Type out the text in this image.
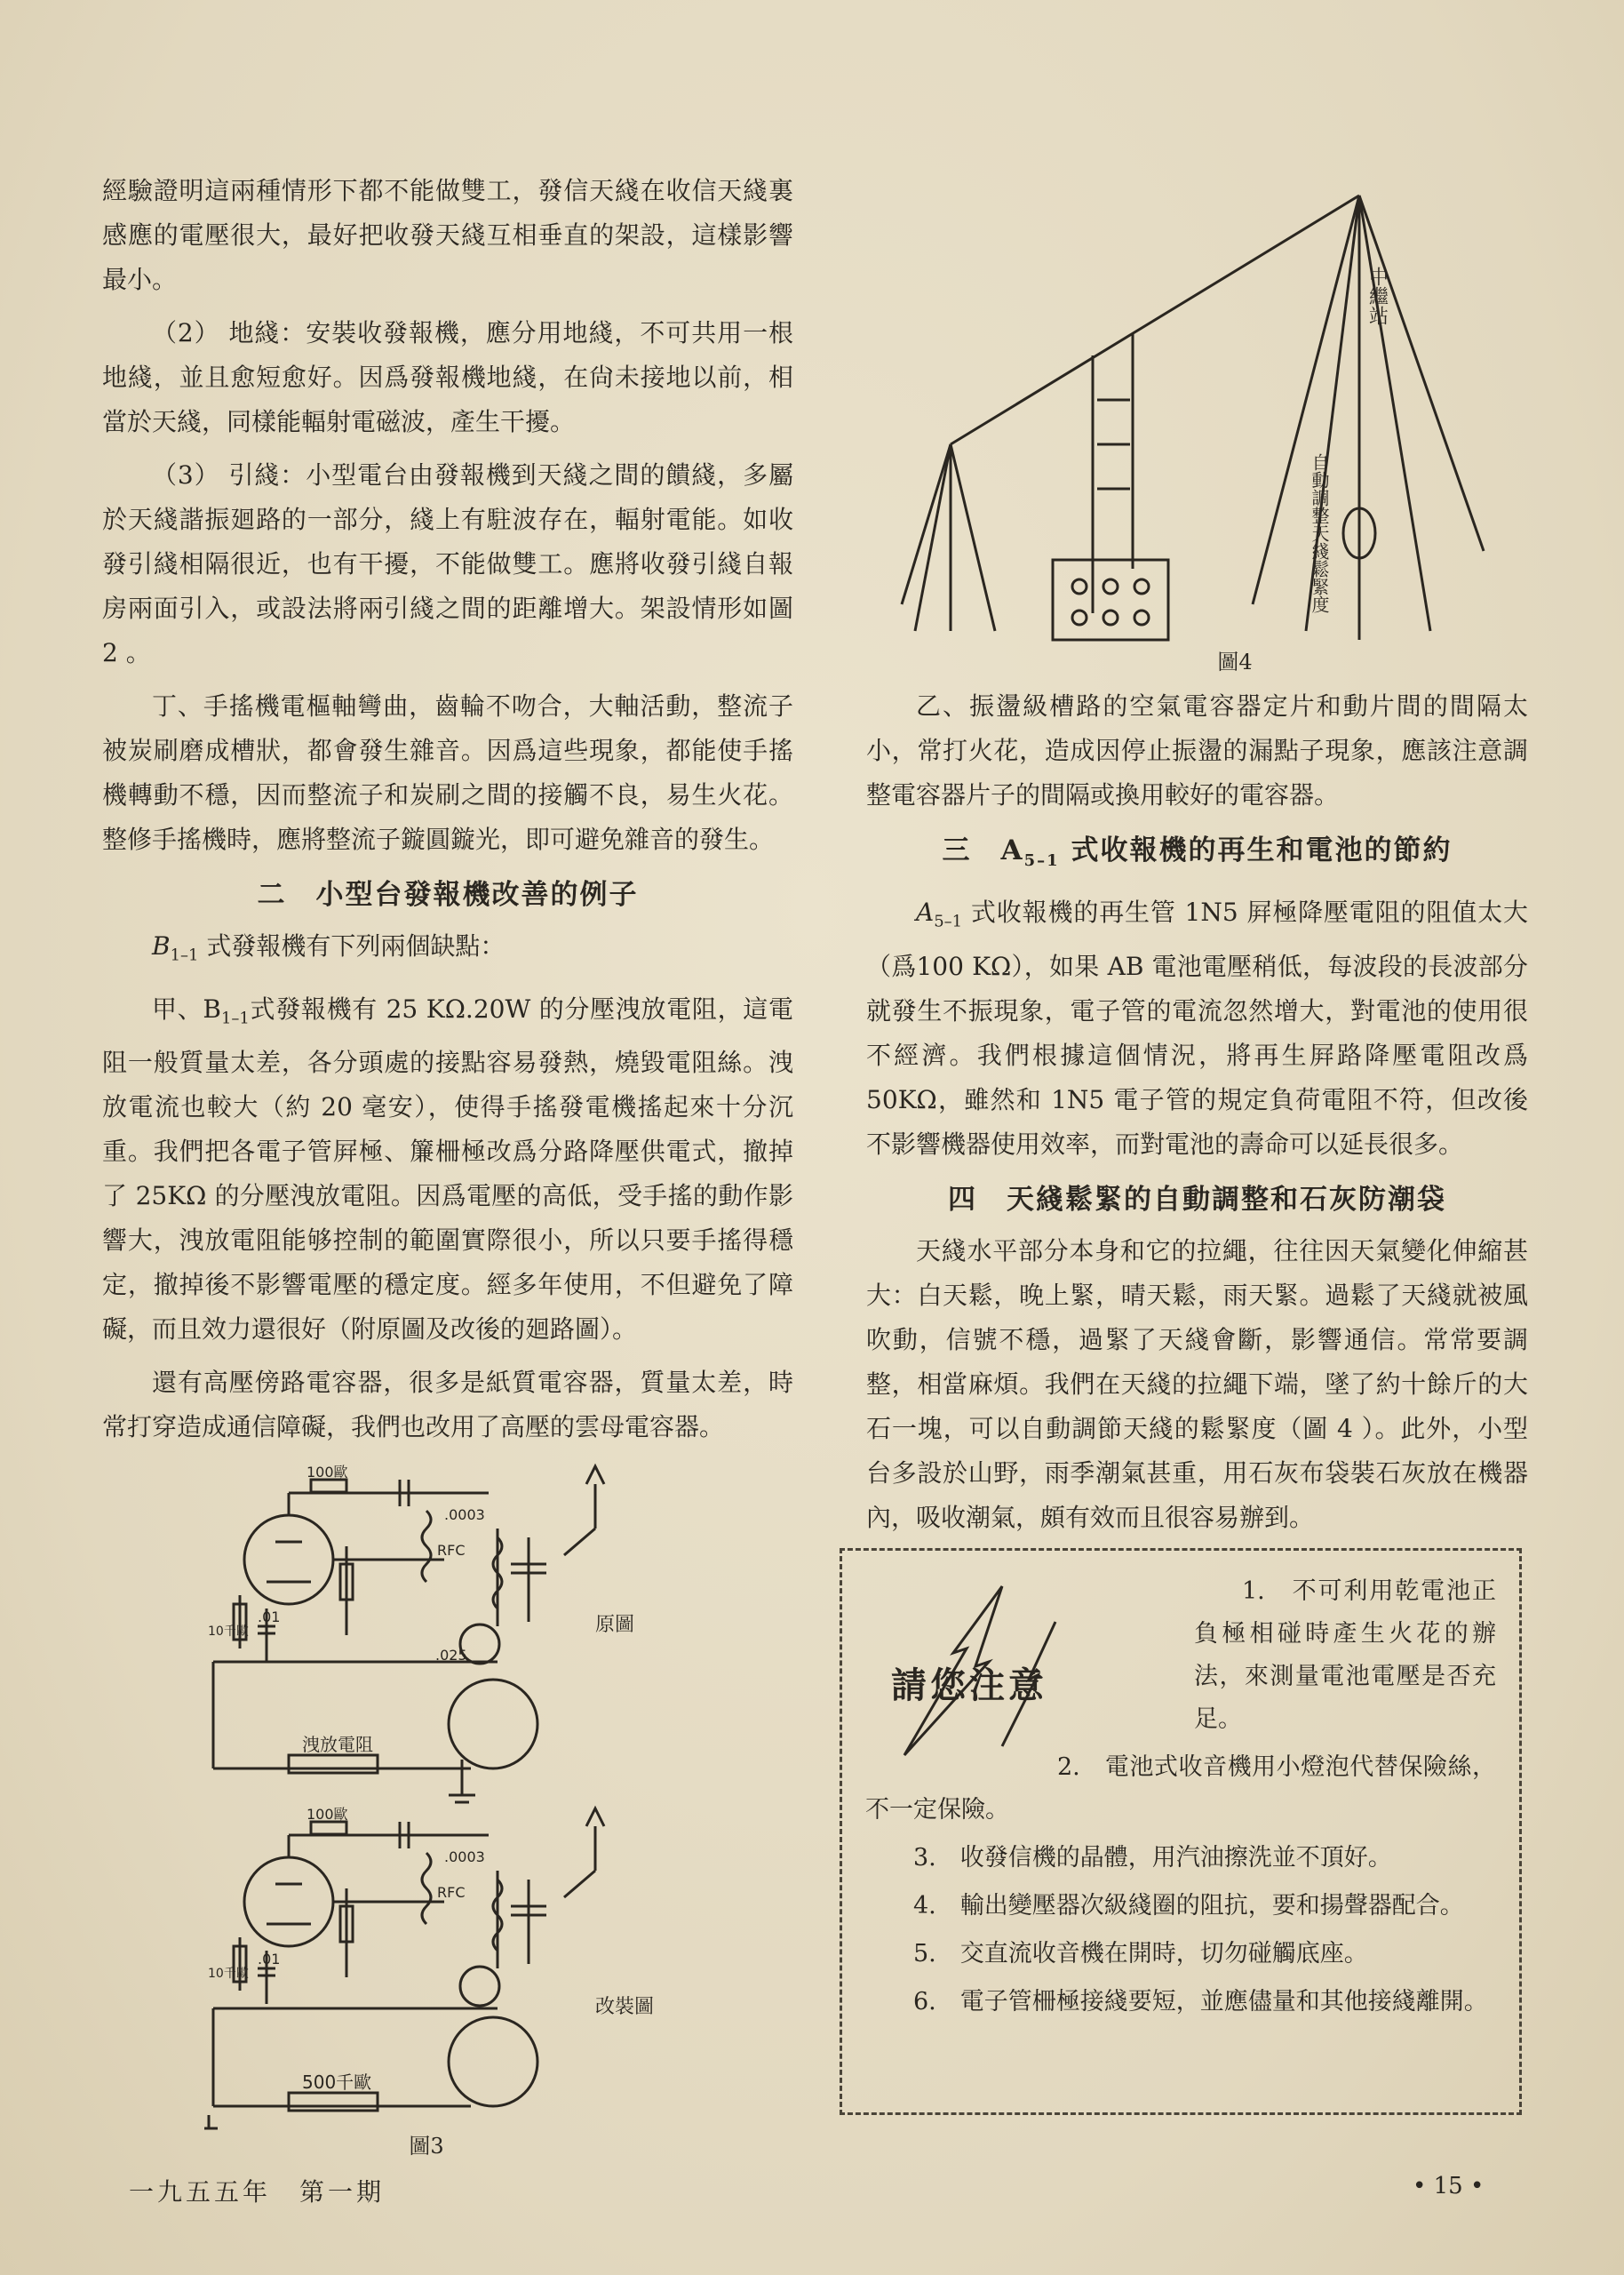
經驗證明這兩種情形下都不能做雙工，發信天綫在收信天綫裏感應的電壓很大，最好把收發天綫互相垂直的架設，這樣影響最小。

（2） 地綫：安裝收發報機，應分用地綫，不可共用一根地綫，並且愈短愈好。因爲發報機地綫，在尙未接地以前，相當於天綫，同樣能輻射電磁波，產生干擾。

（3） 引綫：小型電台由發報機到天綫之間的饋綫，多屬於天綫諧振廻路的一部分，綫上有駐波存在，輻射電能。如收發引綫相隔很近，也有干擾，不能做雙工。應將收發引綫自報房兩面引入，或設法將兩引綫之間的距離增大。架設情形如圖 2 。

丁、手搖機電樞軸彎曲，齒輪不吻合，大軸活動，整流子被炭刷磨成槽狀，都會發生雜音。因爲這些現象，都能使手搖機轉動不穩，因而整流子和炭刷之間的接觸不良，易生火花。整修手搖機時，應將整流子鏇圓鏇光，即可避免雜音的發生。

二　小型台發報機改善的例子

$B_{1-1}$ 式發報機有下列兩個缺點：

甲、$B_{1-1}$式發報機有 25 KΩ.20W 的分壓洩放電阻，這電阻一般質量太差，各分頭處的接點容易發熱，燒毀電阻絲。洩放電流也較大（約 20 毫安），使得手搖發電機搖起來十分沉重。我們把各電子管屛極、簾柵極改爲分路降壓供電式，撤掉了 25KΩ 的分壓洩放電阻。因爲電壓的高低，受手搖的動作影響大，洩放電阻能够控制的範圍實際很小，所以只要手搖得穩定，撤掉後不影響電壓的穩定度。經多年使用，不但避免了障礙，而且效力還很好（附原圖及改後的廻路圖）。

還有高壓傍路電容器，很多是紙質電容器，質量太差，時常打穿造成通信障礙，我們也改用了高壓的雲母電容器。

100歐
.0003
RFC
.01
.025
10千歐	原圖
洩放電阻
100歐
.0003
RFC
.01
10千歐
改裝圖
500千歐
圖3
中繼站
自動調整天綫鬆緊度
圖4

乙、振盪級槽路的空氣電容器定片和動片間的間隔太小，常打火花，造成因停止振盪的漏點子現象，應該注意調整電容器片子的間隔或換用較好的電容器。

三　$A_{5-1}$ 式收報機的再生和電池的節約

$A_{5-1}$ 式收報機的再生管 1N5 屛極降壓電阻的阻值太大（爲100 KΩ），如果 AB 電池電壓稍低，每波段的長波部分就發生不振現象，電子管的電流忽然增大，對電池的使用很不經濟。我們根據這個情況，將再生屛路降壓電阻改爲 50KΩ，雖然和 1N5 電子管的規定負荷電阻不符，但改後不影響機器使用效率，而對電池的壽命可以延長很多。

四　天綫鬆緊的自動調整和石灰防潮袋

天綫水平部分本身和它的拉繩，往往因天氣變化伸縮甚大：白天鬆，晚上緊，晴天鬆，雨天緊。過鬆了天綫就被風吹動，信號不穩，過緊了天綫會斷，影響通信。常常要調整，相當麻煩。我們在天綫的拉繩下端，墜了約十餘斤的大石一塊，可以自動調節天綫的鬆緊度（圖 4 ）。此外，小型台多設於山野，雨季潮氣甚重，用石灰布袋裝石灰放在機器內，吸收潮氣，頗有效而且很容易辦到。

請您注意

1.　不可利用乾電池正負極相碰時產生火花的辦法，來測量電池電壓是否充足。

2.　電池式收音機用小燈泡代替保險絲，不一定保險。

3.　收發信機的晶體，用汽油擦洗並不頂好。

4.　輸出變壓器次級綫圈的阻抗，要和揚聲器配合。

5.　交直流收音機在開時，切勿碰觸底座。

6.　電子管柵極接綫要短，並應儘量和其他接綫離開。

一九五五年　第一期	• 15 •
